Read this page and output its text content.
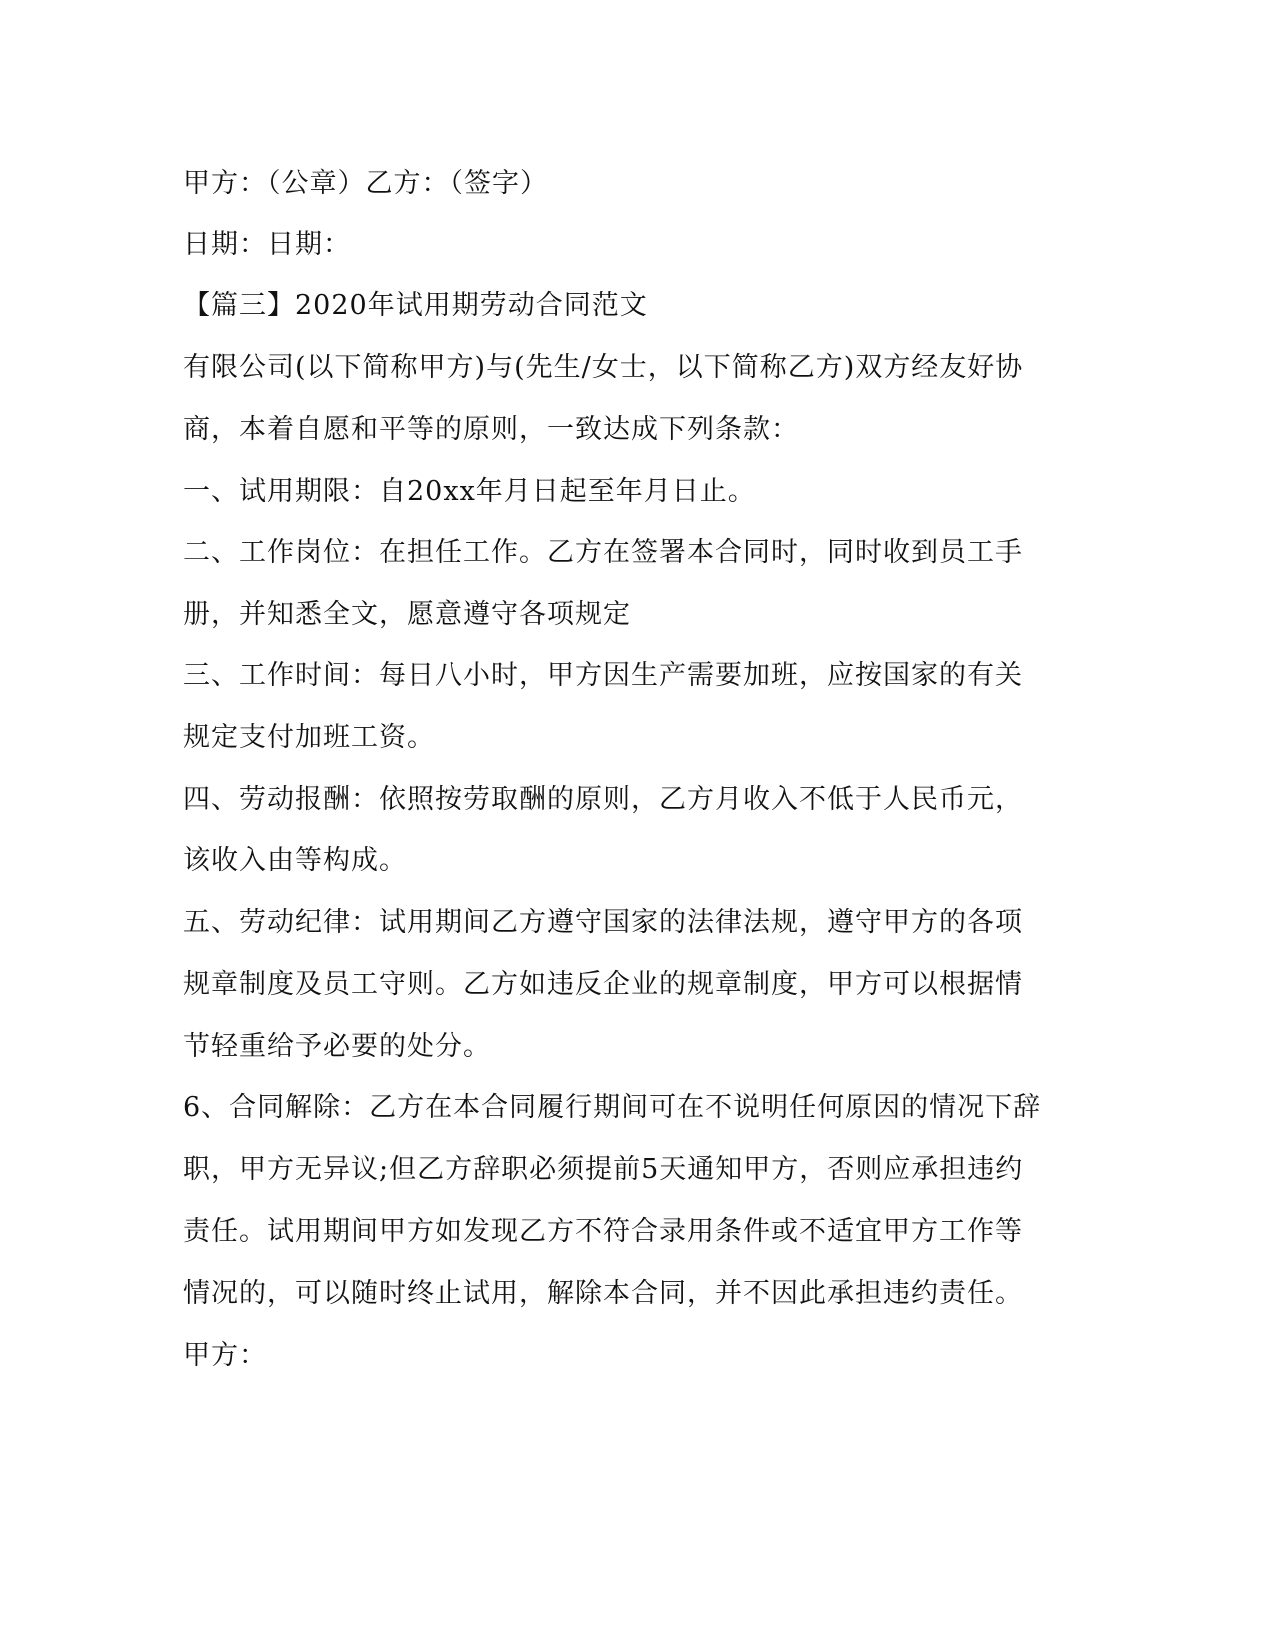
甲方：（公章）乙方：（签字）
日期：日期：
【篇三】2020年试用期劳动合同范文
有限公司(以下简称甲方)与(先生/女士，以下简称乙方)双方经友好协
商，本着自愿和平等的原则，一致达成下列条款：
一、试用期限：自20xx年月日起至年月日止。
二、工作岗位：在担任工作。乙方在签署本合同时，同时收到员工手
册，并知悉全文，愿意遵守各项规定
三、工作时间：每日八小时，甲方因生产需要加班，应按国家的有关
规定支付加班工资。
四、劳动报酬：依照按劳取酬的原则，乙方月收入不低于人民币元，
该收入由等构成。
五、劳动纪律：试用期间乙方遵守国家的法律法规，遵守甲方的各项
规章制度及员工守则。乙方如违反企业的规章制度，甲方可以根据情
节轻重给予必要的处分。
6、合同解除：乙方在本合同履行期间可在不说明任何原因的情况下辞
职，甲方无异议;但乙方辞职必须提前5天通知甲方，否则应承担违约
责任。试用期间甲方如发现乙方不符合录用条件或不适宜甲方工作等
情况的，可以随时终止试用，解除本合同，并不因此承担违约责任。
甲方：
